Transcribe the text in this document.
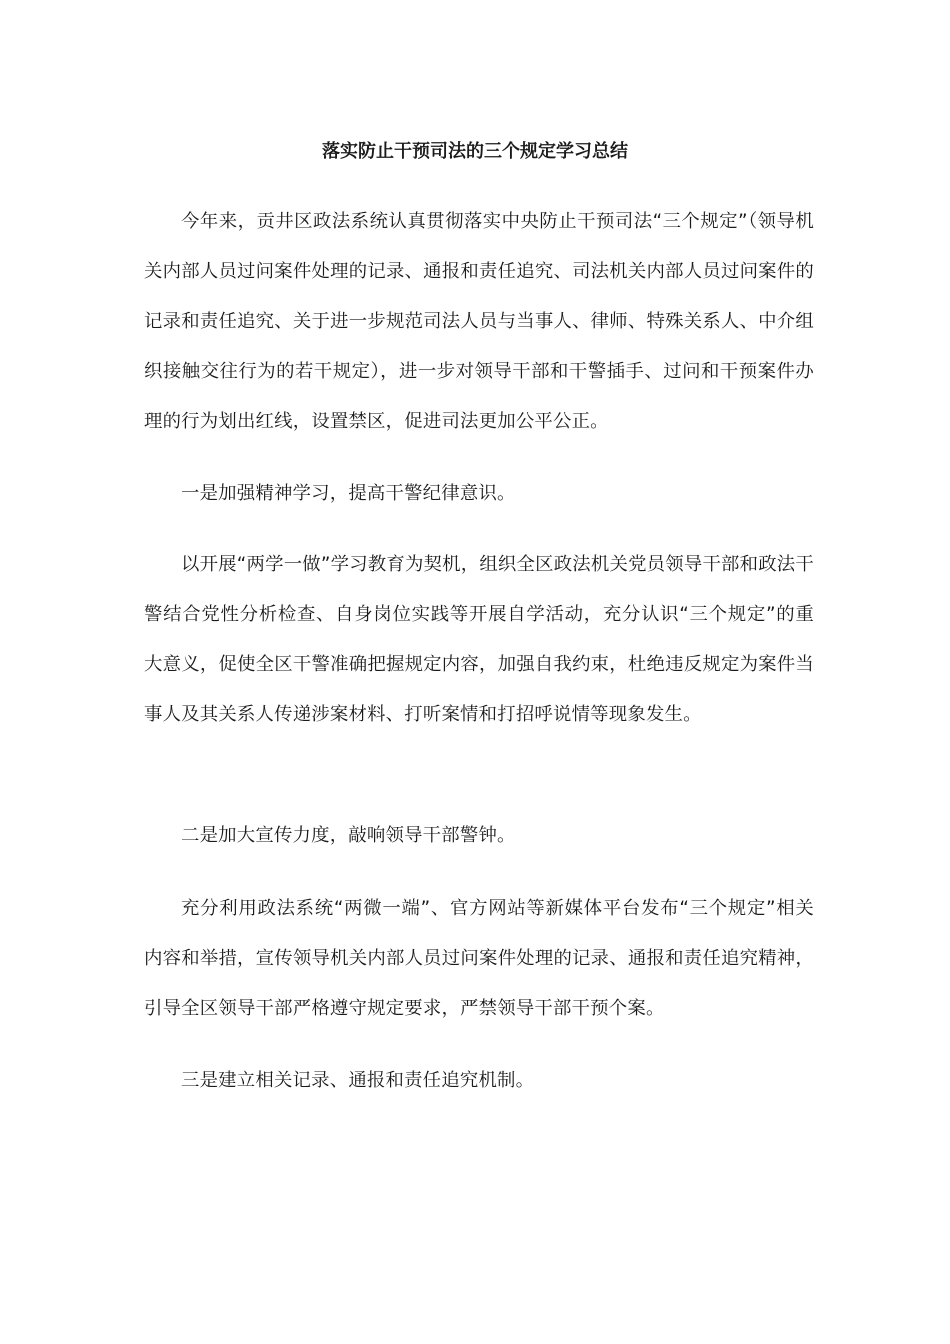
落实防止干预司法的三个规定学习总结

今年来，贡井区政法系统认真贯彻落实中央防止干预司法“三个规定”（领导机关内部人员过问案件处理的记录、通报和责任追究、司法机关内部人员过问案件的记录和责任追究、关于进一步规范司法人员与当事人、律师、特殊关系人、中介组织接触交往行为的若干规定），进一步对领导干部和干警插手、过问和干预案件办理的行为划出红线，设置禁区，促进司法更加公平公正。

一是加强精神学习，提高干警纪律意识。

以开展“两学一做”学习教育为契机，组织全区政法机关党员领导干部和政法干警结合党性分析检查、自身岗位实践等开展自学活动，充分认识“三个规定”的重大意义，促使全区干警准确把握规定内容，加强自我约束，杜绝违反规定为案件当事人及其关系人传递涉案材料、打听案情和打招呼说情等现象发生。

二是加大宣传力度，敲响领导干部警钟。

充分利用政法系统“两微一端”、官方网站等新媒体平台发布“三个规定”相关内容和举措，宣传领导机关内部人员过问案件处理的记录、通报和责任追究精神，引导全区领导干部严格遵守规定要求，严禁领导干部干预个案。

三是建立相关记录、通报和责任追究机制。
